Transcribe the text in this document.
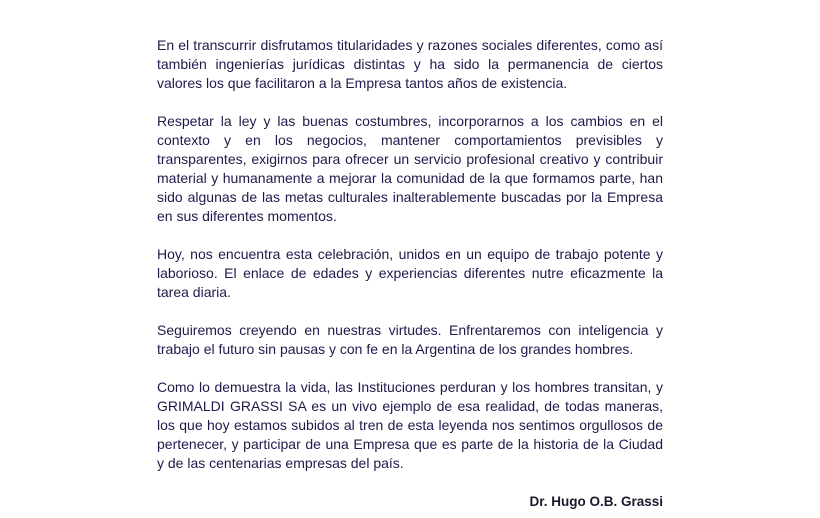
En el transcurrir disfrutamos titularidades y razones sociales diferentes, como así también ingenierías jurídicas distintas y ha sido la permanencia de ciertos valores los que facilitaron a la Empresa tantos años de existencia.

Respetar la ley y las buenas costumbres, incorporarnos a los cambios en el contexto y en los negocios, mantener comportamientos previsibles y transparentes, exigirnos para ofrecer un servicio profesional creativo y contribuir material y humanamente a mejorar la comunidad de la que formamos parte, han sido algunas de las metas culturales inalterablemente buscadas por la Empresa en sus diferentes momentos.

Hoy, nos encuentra esta celebración, unidos en un equipo de trabajo potente y laborioso. El enlace de edades y experiencias diferentes nutre eficazmente la tarea diaria.

Seguiremos creyendo en nuestras virtudes. Enfrentaremos con inteligencia y trabajo el futuro sin pausas y con fe en la Argentina de los grandes hombres.

Como lo demuestra la vida, las Instituciones perduran y los hombres transitan, y GRIMALDI GRASSI SA es un vivo ejemplo de esa realidad, de todas maneras, los que hoy estamos subidos al tren de esta leyenda nos sentimos orgullosos de pertenecer, y participar de una Empresa que es parte de la historia de la Ciudad y de las centenarias empresas del país.

Dr. Hugo O.B. Grassi
